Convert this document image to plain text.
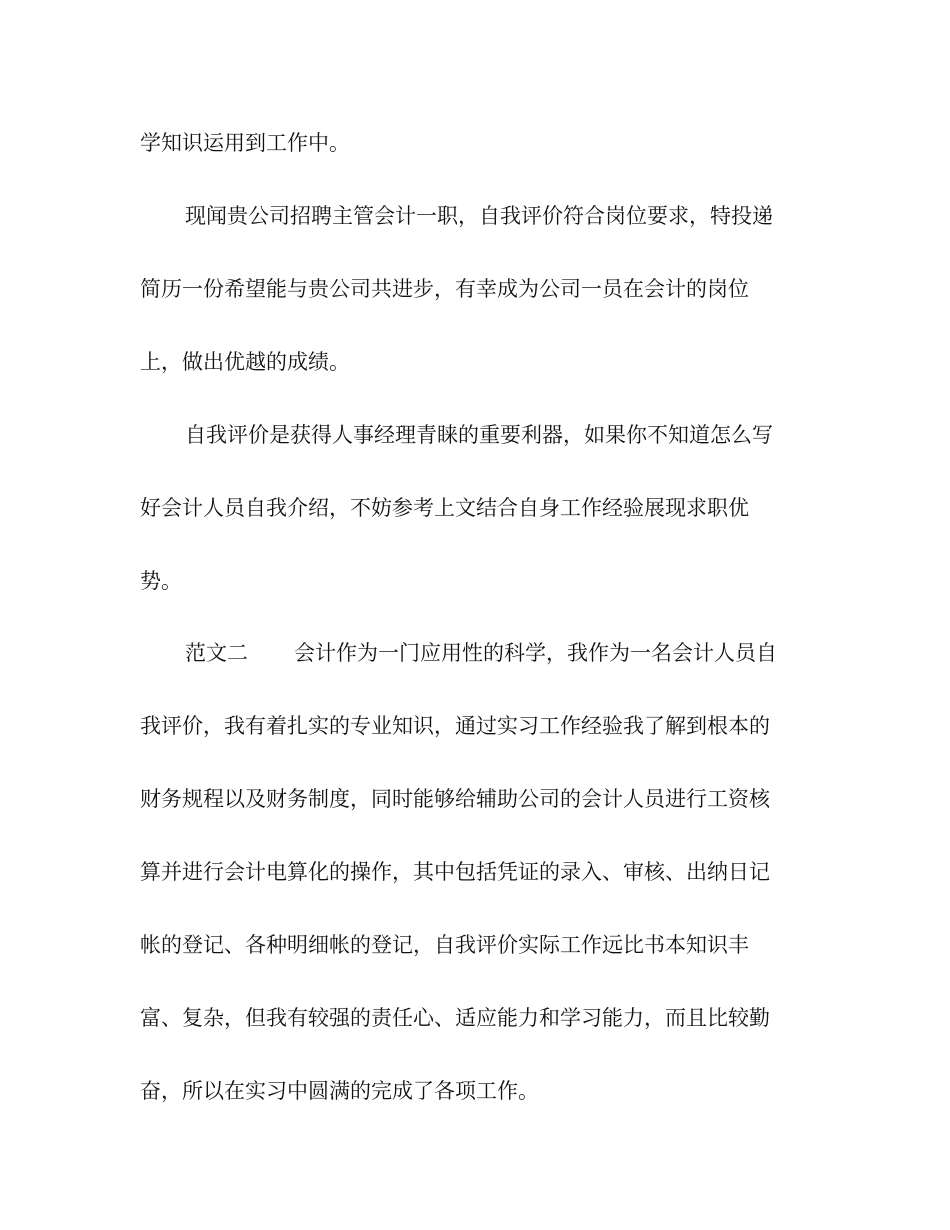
学知识运用到工作中。
现闻贵公司招聘主管会计一职，自我评价符合岗位要求，特投递
简历一份希望能与贵公司共进步，有幸成为公司一员在会计的岗位
上，做出优越的成绩。
自我评价是获得人事经理青睐的重要利器，如果你不知道怎么写
好会计人员自我介绍，不妨参考上文结合自身工作经验展现求职优
势。
范文二 会计作为一门应用性的科学，我作为一名会计人员自
我评价，我有着扎实的专业知识，通过实习工作经验我了解到根本的
财务规程以及财务制度，同时能够给辅助公司的会计人员进行工资核
算并进行会计电算化的操作，其中包括凭证的录入、审核、出纳日记
帐的登记、各种明细帐的登记，自我评价实际工作远比书本知识丰
富、复杂，但我有较强的责任心、适应能力和学习能力，而且比较勤
奋，所以在实习中圆满的完成了各项工作。
